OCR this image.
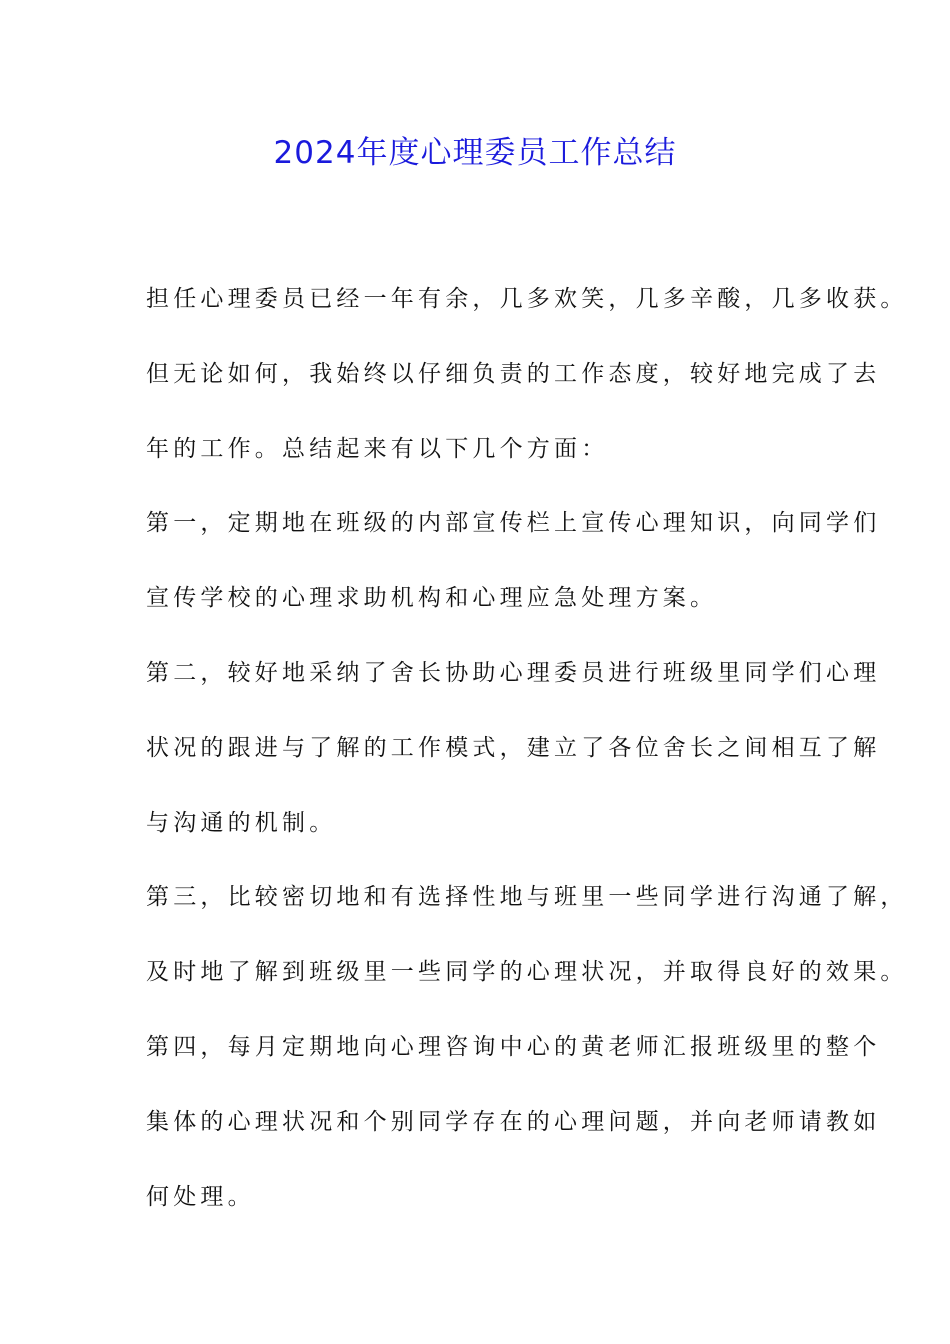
2024年度心理委员工作总结
担任心理委员已经一年有余，几多欢笑，几多辛酸，几多收获。
但无论如何，我始终以仔细负责的工作态度，较好地完成了去
年的工作。总结起来有以下几个方面：
第一，定期地在班级的内部宣传栏上宣传心理知识，向同学们
宣传学校的心理求助机构和心理应急处理方案。
第二，较好地采纳了舍长协助心理委员进行班级里同学们心理
状况的跟进与了解的工作模式，建立了各位舍长之间相互了解
与沟通的机制。
第三，比较密切地和有选择性地与班里一些同学进行沟通了解，
及时地了解到班级里一些同学的心理状况，并取得良好的效果。
第四，每月定期地向心理咨询中心的黄老师汇报班级里的整个
集体的心理状况和个别同学存在的心理问题，并向老师请教如
何处理。
